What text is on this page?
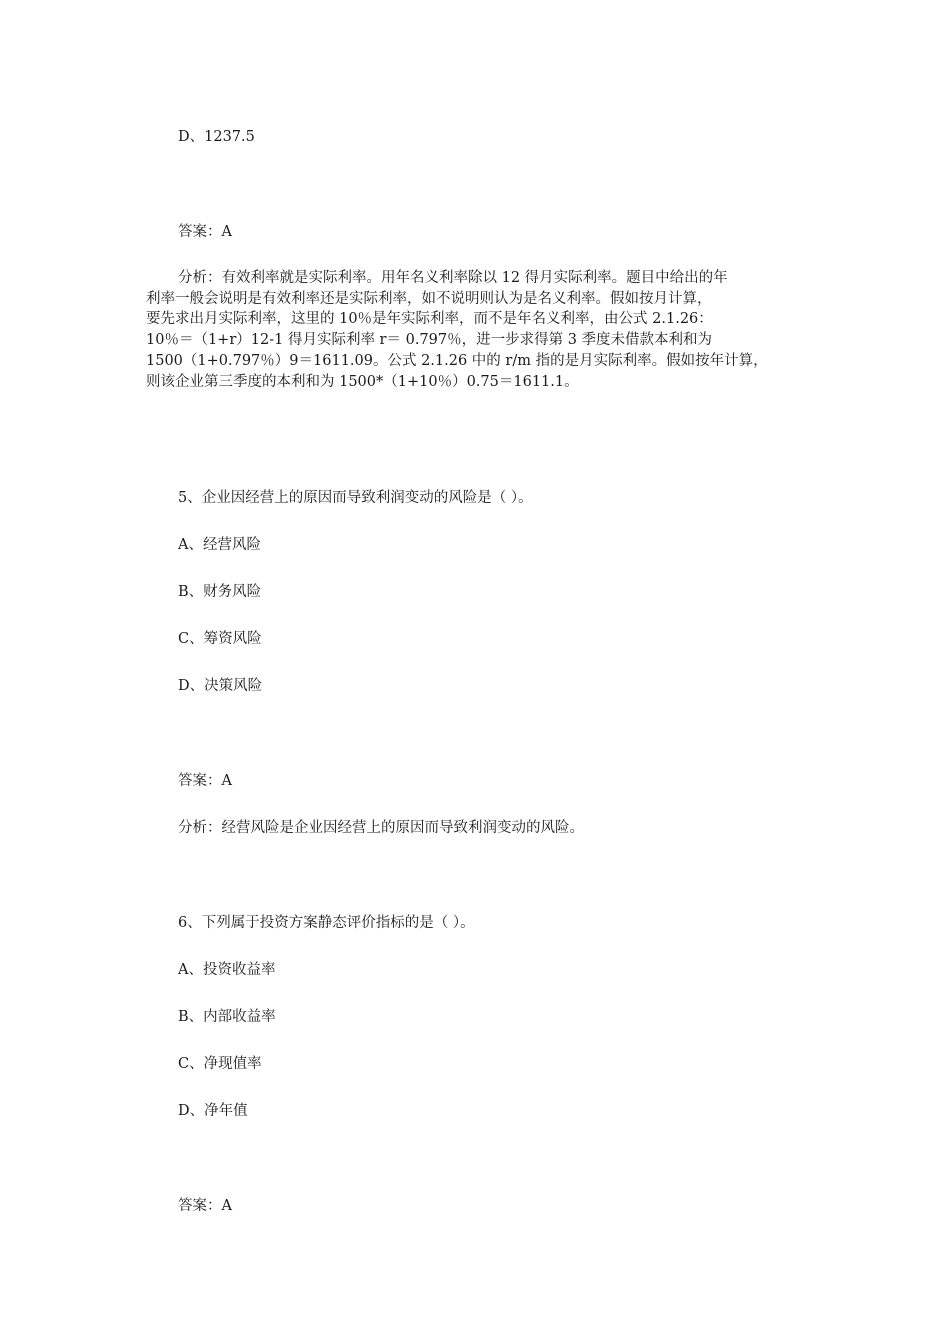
D、1237.5
答案：A

分析：有效利率就是实际利率。用年名义利率除以 12 得月实际利率。题目中给出的年

利率一般会说明是有效利率还是实际利率，如不说明则认为是名义利率。假如按月计算，

要先求出月实际利率，这里的 10％是年实际利率，而不是年名义利率，由公式 2.1.26：

10％＝（1+r）12-1 得月实际利率 r＝ 0.797％，进一步求得第 3 季度未借款本利和为

1500（1+0.797％）9＝1611.09。公式 2.1.26 中的 r/m 指的是月实际利率。假如按年计算，

则该企业第三季度的本利和为 1500*（1+10％）0.75＝1611.1。

5、企业因经营上的原因而导致利润变动的风险是（ ）。
A、经营风险
B、财务风险
C、筹资风险
D、决策风险
答案：A
分析：经营风险是企业因经营上的原因而导致利润变动的风险。
6、下列属于投资方案静态评价指标的是（ ）。
A、投资收益率
B、内部收益率
C、净现值率
D、净年值
答案：A
